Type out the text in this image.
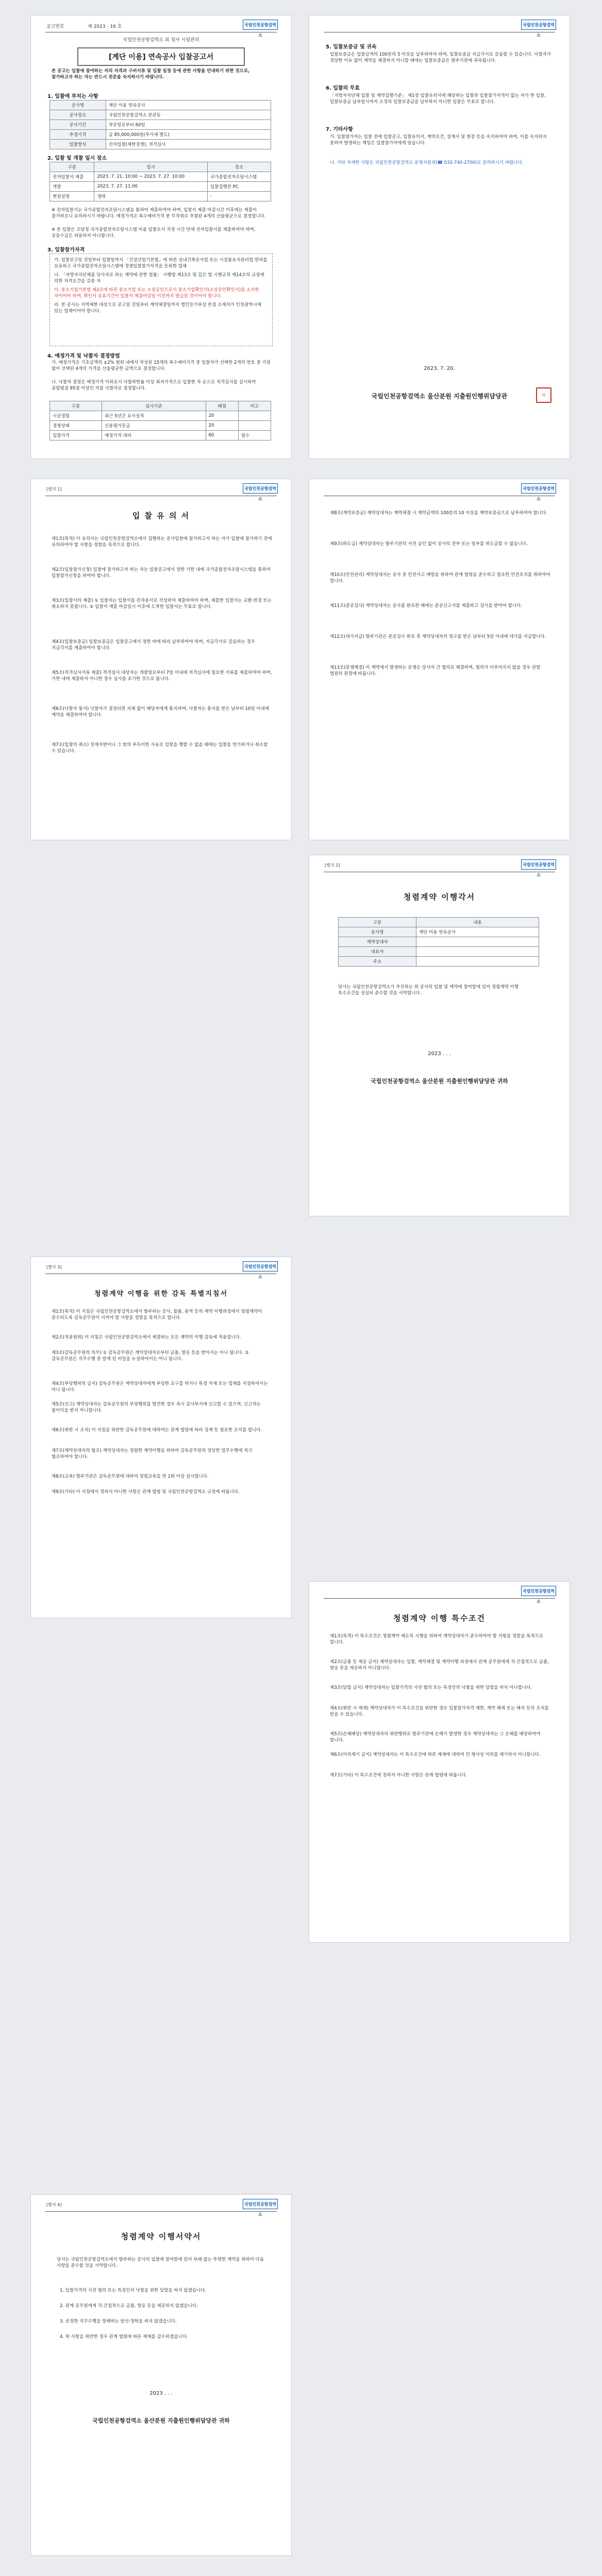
공고번호	제 2023 - 16 호	국립인천공항검역소
국립인천공항검역소 외 청사 시설관리
[계단 이용] 연속공사 입찰공고서
본 공고는 입찰에 참여하는 자의 자격과 구비서류 및 입찰 일정 등에 관한 사항을 안내하기 위한 것으로, 참가하고자 하는 자는 반드시 전문을 숙지하시기 바랍니다.
1. 입찰에 부치는 사항
공사명	계단 이용 연속공사
공사장소	국립인천공항검역소 본관동
공사기간	착공일로부터 60일
추정가격	금 85,000,000원(부가세 별도)
입찰방식	전자입찰(제한경쟁), 적격심사
2. 입찰 및 개찰 일시 장소
구분	일시	장소
전자입찰서 제출	2023. 7. 21. 10:00 ~ 2023. 7. 27. 10:00	국가종합전자조달시스템
개찰	2023. 7. 27. 11:00	입찰집행관 PC
현장설명	생략	-
※ 전자입찰서는 국가종합전자조달시스템을 통하여 제출하여야 하며, 입찰서 제출 마감시간 이후에는 제출이 불가하오니 유의하시기 바랍니다. 예정가격은 복수예비가격 중 무작위로 추첨된 4개의 산술평균으로 결정합니다.
※ 본 입찰은 조달청 국가종합전자조달시스템 이용 입찰로서 지정 시간 안에 전자입찰서를 제출하여야 하며, 공동수급은 허용하지 아니합니다.
3. 입찰참가자격
가. 입찰공고일 전일부터 입찰일까지 「건설산업기본법」에 따른 실내건축공사업 또는 시설물유지관리업 면허를 보유하고 국가종합전자조달시스템에 경쟁입찰참가자격을 등록한 업체
나. 「지방자치단체를 당사자로 하는 계약에 관한 법률」 시행령 제13조 및 같은 법 시행규칙 제14조의 규정에 의한 자격요건을 갖춘 자
다. 중소기업기본법 제2조에 따른 중소기업 또는 소상공인으로서 중소기업확인서(소상공인확인서)를 소지한 자이어야 하며, 확인서 유효기간이 입찰서 제출마감일 이전까지 발급된 것이어야 합니다.
라. 본 공사는 지역제한 대상으로 공고일 전일부터 계약체결일까지 법인등기부상 본점 소재지가 인천광역시에 있는 업체이어야 합니다.
4. 예정가격 및 낙찰자 결정방법
가. 예정가격은 기초금액의 ±2% 범위 내에서 작성된 15개의 복수예비가격 중 입찰자가 선택한 2개의 번호 중 가장 많이 선택된 4개의 가격을 산술평균한 금액으로 결정합니다.
나. 낙찰자 결정은 예정가격 이하로서 낙찰하한율 이상 최저가격으로 입찰한 자 순으로 적격심사를 실시하여 종합평점 95점 이상인 자를 낙찰자로 결정합니다.
구분	심사기준	배점	비고
시공경험	최근 5년간 유사실적	20	
경영상태	신용평가등급	20	
입찰가격	예정가격 대비	60	필수
국립인천공항검역소
5. 입찰보증금 및 귀속
입찰보증금은 입찰금액의 100분의 5 이상을 납부하여야 하며, 입찰보증금 지급각서로 갈음할 수 있습니다. 낙찰자가 정당한 이유 없이 계약을 체결하지 아니할 때에는 입찰보증금은 발주기관에 귀속됩니다.
6. 입찰의 무효
「지방자치단체 입찰 및 계약집행기준」 제1장 입찰유의서에 해당하는 입찰과 입찰참가자격이 없는 자가 한 입찰, 입찰보증금 납부일시까지 소정의 입찰보증금을 납부하지 아니한 입찰은 무효로 합니다.
7. 기타사항
가. 입찰참가자는 입찰 전에 입찰공고, 입찰유의서, 계약조건, 설계서 및 현장 등을 숙지하여야 하며, 이를 숙지하지 못하여 발생하는 책임은 입찰참가자에게 있습니다.
나. 기타 자세한 사항은 국립인천공항검역소 운영지원과(☎ 032-740-2700)로 문의하시기 바랍니다.
2023. 7. 20.
국립인천공항검역소 울산분원 지출원인행위담당관	印
[별지 1]	국립인천공항검역소
입 찰 유 의 서
제1조(목적) 이 유의서는 국립인천공항검역소에서 집행하는 공사입찰에 참가하고자 하는 자가 입찰에 참가하기 전에 유의하여야 할 사항을 정함을 목적으로 합니다.
제2조(입찰참가신청) 입찰에 참가하고자 하는 자는 입찰공고에서 정한 기한 내에 국가종합전자조달시스템을 통하여 입찰참가신청을 하여야 합니다.
제3조(입찰서의 제출) ① 입찰자는 입찰서를 전자문서로 작성하여 제출하여야 하며, 제출한 입찰서는 교환·변경 또는 취소하지 못합니다. ② 입찰서 제출 마감일시 이후에 도착한 입찰서는 무효로 합니다.
제4조(입찰보증금) 입찰보증금은 입찰공고에서 정한 바에 따라 납부하여야 하며, 지급각서로 갈음하는 경우 지급각서를 제출하여야 합니다.
제5조(적격심사서류 제출) 적격심사 대상자는 개찰일로부터 7일 이내에 적격심사에 필요한 서류를 제출하여야 하며, 기한 내에 제출하지 아니한 경우 심사를 포기한 것으로 봅니다.
제6조(낙찰자 통지) 낙찰자가 결정되면 지체 없이 해당자에게 통지하며, 낙찰자는 통지를 받은 날부터 10일 이내에 계약을 체결하여야 합니다.
제7조(입찰의 취소) 천재지변이나 그 밖의 부득이한 사유로 입찰을 행할 수 없을 때에는 입찰을 연기하거나 취소할 수 있습니다.
국립인천공항검역소
제8조(계약보증금) 계약상대자는 계약체결 시 계약금액의 100분의 10 이상을 계약보증금으로 납부하여야 합니다.
제9조(하도급) 계약상대자는 발주기관의 사전 승인 없이 공사의 전부 또는 일부를 하도급할 수 없습니다.
제10조(안전관리) 계약상대자는 공사 중 안전사고 예방을 위하여 관계 법령을 준수하고 필요한 안전조치를 취하여야 합니다.
제11조(준공검사) 계약상대자는 공사를 완료한 때에는 준공신고서를 제출하고 검사를 받아야 합니다.
제12조(대가지급) 발주기관은 준공검사 완료 후 계약상대자의 청구를 받은 날부터 5일 이내에 대가를 지급합니다.
제13조(분쟁해결) 이 계약에서 발생하는 분쟁은 당사자 간 협의로 해결하며, 협의가 이루어지지 않을 경우 관할 법원의 판결에 따릅니다.
[별지 2]	국립인천공항검역소
청렴계약 이행각서
구분	내용
공사명	계단 이용 연속공사
계약상대자	
대표자	
주소	
당사는 국립인천공항검역소가 추진하는 위 공사의 입찰 및 계약에 참여함에 있어 청렴계약 이행 특수조건을 성실히 준수할 것을 서약합니다.
2023 . . .
국립인천공항검역소 울산분원 지출원인행위담당관 귀하
[별지 3]	국립인천공항검역소
청렴계약 이행을 위한 감독 특별지침서
제1조(목적) 이 지침은 국립인천공항검역소에서 발주하는 공사, 물품, 용역 등의 계약 이행과정에서 청렴계약이 준수되도록 감독공무원이 지켜야 할 사항을 정함을 목적으로 합니다.
제2조(적용범위) 이 지침은 국립인천공항검역소에서 체결하는 모든 계약의 이행 감독에 적용합니다.
제3조(감독공무원의 의무) ① 감독공무원은 계약상대자로부터 금품, 향응 등을 받아서는 아니 됩니다. ② 감독공무원은 직무수행 중 알게 된 비밀을 누설하여서는 아니 됩니다.
제4조(부당행위의 금지) 감독공무원은 계약상대자에게 부당한 요구를 하거나 특정 자재 또는 업체를 지정하여서는 아니 됩니다.
제5조(신고) 계약상대자는 감독공무원의 부당행위를 발견한 경우 즉시 감사부서에 신고할 수 있으며, 신고자는 불이익을 받지 아니합니다.
제6조(위반 시 조치) 이 지침을 위반한 감독공무원에 대하여는 관계 법령에 따라 징계 등 필요한 조치를 합니다.
제7조(계약상대자의 협조) 계약상대자는 청렴한 계약이행을 위하여 감독공무원의 정당한 업무수행에 적극 협조하여야 합니다.
제8조(교육) 발주기관은 감독공무원에 대하여 청렴교육을 연 1회 이상 실시합니다.
제9조(기타) 이 지침에서 정하지 아니한 사항은 관계 법령 및 국립인천공항검역소 규정에 따릅니다.
국립인천공항검역소
청렴계약 이행 특수조건
제1조(목적) 이 특수조건은 청렴계약 제도의 시행을 위하여 계약상대자가 준수하여야 할 사항을 정함을 목적으로 합니다.
제2조(금품 등 제공 금지) 계약상대자는 입찰, 계약체결 및 계약이행 과정에서 관계 공무원에게 직·간접적으로 금품, 향응 등을 제공하지 아니합니다.
제3조(담합 금지) 계약상대자는 입찰가격의 사전 협의 또는 특정인의 낙찰을 위한 담합을 하지 아니합니다.
제4조(위반 시 제재) 계약상대자가 이 특수조건을 위반한 경우 입찰참가자격 제한, 계약 해제 또는 해지 등의 조치를 받을 수 있습니다.
제5조(손해배상) 계약상대자의 위반행위로 발주기관에 손해가 발생한 경우 계약상대자는 그 손해를 배상하여야 합니다.
제6조(이의제기 금지) 계약상대자는 이 특수조건에 따른 제재에 대하여 민·형사상 이의를 제기하지 아니합니다.
제7조(기타) 이 특수조건에 정하지 아니한 사항은 관계 법령에 따릅니다.
[별지 4]	국립인천공항검역소
청렴계약 이행서약서
당사는 국립인천공항검역소에서 발주하는 공사의 입찰에 참여함에 있어 부패 없는 투명한 계약을 위하여 다음 사항을 준수할 것을 서약합니다.
1. 입찰가격의 사전 협의 또는 특정인의 낙찰을 위한 담합을 하지 않겠습니다.
2. 관계 공무원에게 직·간접적으로 금품, 향응 등을 제공하지 않겠습니다.
3. 공정한 직무수행을 방해하는 알선·청탁을 하지 않겠습니다.
4. 위 사항을 위반한 경우 관계 법령에 따른 제재를 감수하겠습니다.
2023 . . .
국립인천공항검역소 울산분원 지출원인행위담당관 귀하
